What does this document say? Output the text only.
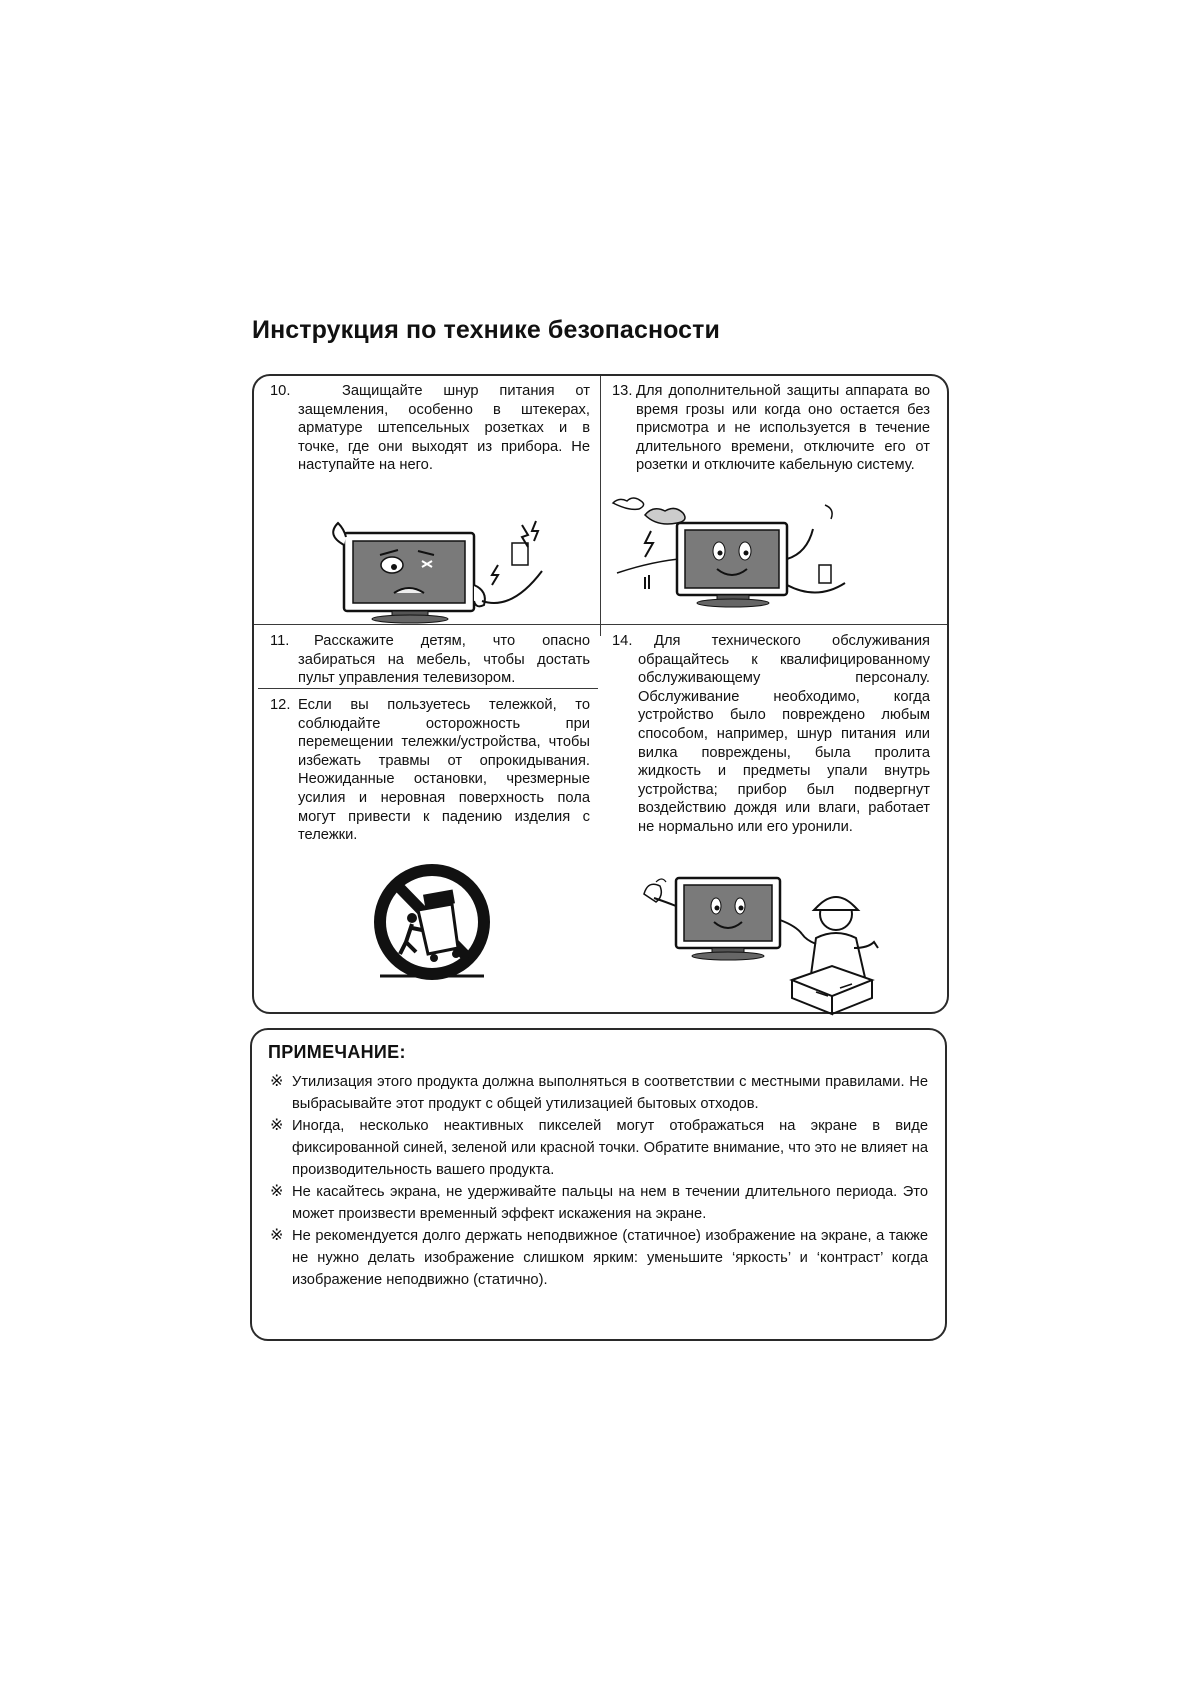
Инструкция по технике безопасности
10.	Защищайте шнур питания от защемления, особенно в штекерах, арматуре штепсельных розетках и в точке, где они выходят из прибора. Не наступайте на него.
13. Для дополнительной защиты аппарата во время грозы или когда оно остается без присмотра и не используется в течение длительного времени, отключите его от розетки и отключите кабельную систему.
11.	Расскажите детям, что опасно забираться на мебель, чтобы достать пульт управления телевизором.
12. Если вы пользуетесь тележкой, то соблюдайте осторожность при перемещении тележки/устройства, чтобы избежать травмы от опрокидывания. Неожиданные остановки, чрезмерные усилия и неровная поверхность пола могут привести к падению изделия с тележки.
14.	Для технического обслуживания обращайтесь к квалифицированному обслуживающему персоналу. Обслуживание необходимо, когда устройство было повреждено любым способом, например, шнур питания или вилка повреждены, была пролита жидкость и предметы упали внутрь устройства; прибор был подвергнут воздействию дождя или влаги, работает не нормально или его уронили.
ПРИМЕЧАНИЕ:
※ Утилизация этого продукта должна выполняться в соответствии с местными правилами. Не выбрасывайте этот продукт с общей утилизацией бытовых отходов.
※ Иногда, несколько неактивных пикселей могут отображаться на экране в виде фиксированной синей, зеленой или красной точки. Обратите внимание, что это не влияет на производительность вашего продукта.
※ Не касайтесь экрана, не удерживайте пальцы на нем в течении длительного периода. Это может произвести временный эффект искажения на экране.
※ Не рекомендуется долго держать неподвижное (статичное) изображение на экране, а также не нужно делать изображение слишком ярким: уменьшите ‘яркость’ и ‘контраст’ когда изображение неподвижно (статично).
